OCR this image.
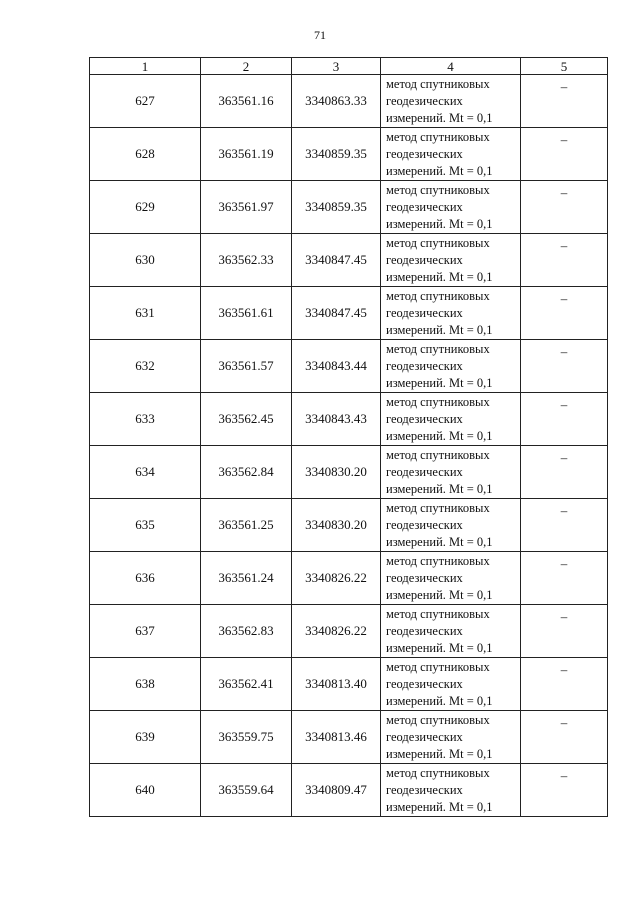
71
1	2	3	4	5
627	363561.16	3340863.33	метод спутниковых
геодезических
измерений. Mt = 0,1	–
628	363561.19	3340859.35	метод спутниковых
геодезических
измерений. Mt = 0,1	–
629	363561.97	3340859.35	метод спутниковых
геодезических
измерений. Mt = 0,1	–
630	363562.33	3340847.45	метод спутниковых
геодезических
измерений. Mt = 0,1	–
631	363561.61	3340847.45	метод спутниковых
геодезических
измерений. Mt = 0,1	–
632	363561.57	3340843.44	метод спутниковых
геодезических
измерений. Mt = 0,1	–
633	363562.45	3340843.43	метод спутниковых
геодезических
измерений. Mt = 0,1	–
634	363562.84	3340830.20	метод спутниковых
геодезических
измерений. Mt = 0,1	–
635	363561.25	3340830.20	метод спутниковых
геодезических
измерений. Mt = 0,1	–
636	363561.24	3340826.22	метод спутниковых
геодезических
измерений. Mt = 0,1	–
637	363562.83	3340826.22	метод спутниковых
геодезических
измерений. Mt = 0,1	–
638	363562.41	3340813.40	метод спутниковых
геодезических
измерений. Mt = 0,1	–
639	363559.75	3340813.46	метод спутниковых
геодезических
измерений. Mt = 0,1	–
640	363559.64	3340809.47	метод спутниковых
геодезических
измерений. Mt = 0,1	–
